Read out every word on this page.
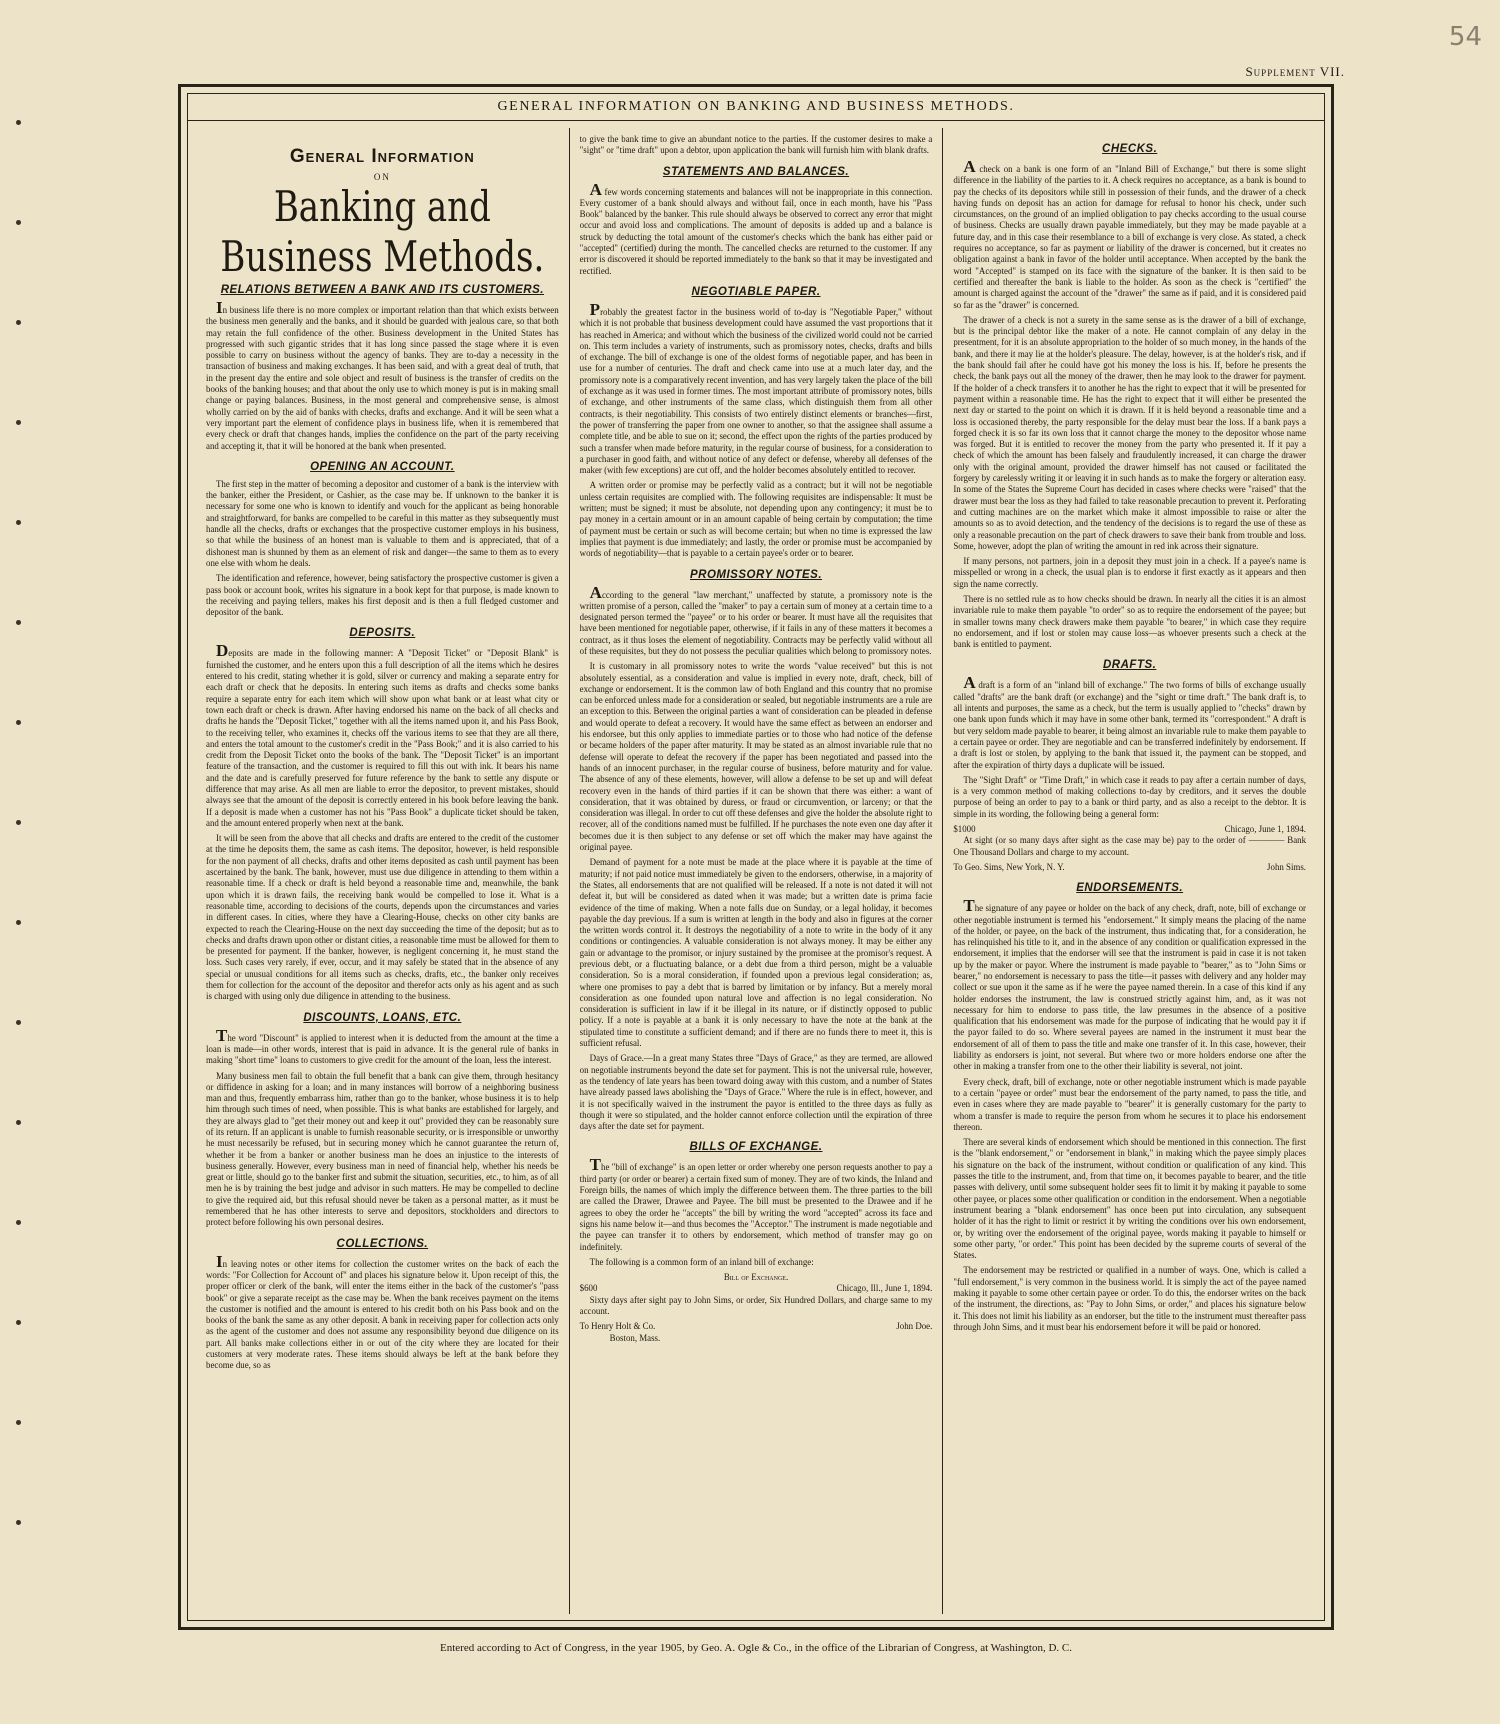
54
Supplement VII.
GENERAL INFORMATION ON BANKING AND BUSINESS METHODS.
General Information
ON
Banking and Business Methods.
RELATIONS BETWEEN A BANK AND ITS CUSTOMERS.

In business life there is no more complex or important relation than that which exists between the business men generally and the banks, and it should be guarded with jealous care, so that both may retain the full confidence of the other. Business development in the United States has progressed with such gigantic strides that it has long since passed the stage where it is even possible to carry on business without the agency of banks. They are to-day a necessity in the transaction of business and making exchanges. It has been said, and with a great deal of truth, that in the present day the entire and sole object and result of business is the transfer of credits on the books of the banking houses; and that about the only use to which money is put is in making small change or paying balances. Business, in the most general and comprehensive sense, is almost wholly carried on by the aid of banks with checks, drafts and exchange. And it will be seen what a very important part the element of confidence plays in business life, when it is remembered that every check or draft that changes hands, implies the confidence on the part of the party receiving and accepting it, that it will be honored at the bank when presented.

OPENING AN ACCOUNT.

The first step in the matter of becoming a depositor and customer of a bank is the interview with the banker, either the President, or Cashier, as the case may be. If unknown to the banker it is necessary for some one who is known to identify and vouch for the applicant as being honorable and straightforward, for banks are compelled to be careful in this matter as they subsequently must handle all the checks, drafts or exchanges that the prospective customer employs in his business, so that while the business of an honest man is valuable to them and is appreciated, that of a dishonest man is shunned by them as an element of risk and danger—the same to them as to every one else with whom he deals.

The identification and reference, however, being satisfactory the prospective customer is given a pass book or account book, writes his signature in a book kept for that purpose, is made known to the receiving and paying tellers, makes his first deposit and is then a full fledged customer and depositor of the bank.

DEPOSITS.

Deposits are made in the following manner: A "Deposit Ticket" or "Deposit Blank" is furnished the customer, and he enters upon this a full description of all the items which he desires entered to his credit, stating whether it is gold, silver or currency and making a separate entry for each draft or check that he deposits. In entering such items as drafts and checks some banks require a separate entry for each item which will show upon what bank or at least what city or town each draft or check is drawn. After having endorsed his name on the back of all checks and drafts he hands the "Deposit Ticket," together with all the items named upon it, and his Pass Book, to the receiving teller, who examines it, checks off the various items to see that they are all there, and enters the total amount to the customer's credit in the "Pass Book;" and it is also carried to his credit from the Deposit Ticket onto the books of the bank. The "Deposit Ticket" is an important feature of the transaction, and the customer is required to fill this out with ink. It bears his name and the date and is carefully preserved for future reference by the bank to settle any dispute or difference that may arise. As all men are liable to error the depositor, to prevent mistakes, should always see that the amount of the deposit is correctly entered in his book before leaving the bank. If a deposit is made when a customer has not his "Pass Book" a duplicate ticket should be taken, and the amount entered properly when next at the bank.

It will be seen from the above that all checks and drafts are entered to the credit of the customer at the time he deposits them, the same as cash items. The depositor, however, is held responsible for the non payment of all checks, drafts and other items deposited as cash until payment has been ascertained by the bank. The bank, however, must use due diligence in attending to them within a reasonable time. If a check or draft is held beyond a reasonable time and, meanwhile, the bank upon which it is drawn fails, the receiving bank would be compelled to lose it. What is a reasonable time, according to decisions of the courts, depends upon the circumstances and varies in different cases. In cities, where they have a Clearing-House, checks on other city banks are expected to reach the Clearing-House on the next day succeeding the time of the deposit; but as to checks and drafts drawn upon other or distant cities, a reasonable time must be allowed for them to be presented for payment. If the banker, however, is negligent concerning it, he must stand the loss. Such cases very rarely, if ever, occur, and it may safely be stated that in the absence of any special or unusual conditions for all items such as checks, drafts, etc., the banker only receives them for collection for the account of the depositor and therefor acts only as his agent and as such is charged with using only due diligence in attending to the business.

DISCOUNTS, LOANS, ETC.

The word "Discount" is applied to interest when it is deducted from the amount at the time a loan is made—in other words, interest that is paid in advance. It is the general rule of banks in making "short time" loans to customers to give credit for the amount of the loan, less the interest.

Many business men fail to obtain the full benefit that a bank can give them, through hesitancy or diffidence in asking for a loan; and in many instances will borrow of a neighboring business man and thus, frequently embarrass him, rather than go to the banker, whose business it is to help him through such times of need, when possible. This is what banks are established for largely, and they are always glad to "get their money out and keep it out" provided they can be reasonably sure of its return. If an applicant is unable to furnish reasonable security, or is irresponsible or unworthy he must necessarily be refused, but in securing money which he cannot guarantee the return of, whether it be from a banker or another business man he does an injustice to the interests of business generally. However, every business man in need of financial help, whether his needs be great or little, should go to the banker first and submit the situation, securities, etc., to him, as of all men he is by training the best judge and advisor in such matters. He may be compelled to decline to give the required aid, but this refusal should never be taken as a personal matter, as it must be remembered that he has other interests to serve and depositors, stockholders and directors to protect before following his own personal desires.

COLLECTIONS.

In leaving notes or other items for collection the customer writes on the back of each the words: "For Collection for Account of" and places his signature below it. Upon receipt of this, the proper officer or clerk of the bank, will enter the items either in the back of the customer's "pass book" or give a separate receipt as the case may be. When the bank receives payment on the items the customer is notified and the amount is entered to his credit both on his Pass book and on the books of the bank the same as any other deposit. A bank in receiving paper for collection acts only as the agent of the customer and does not assume any responsibility beyond due diligence on its part. All banks make collections either in or out of the city where they are located for their customers at very moderate rates. These items should always be left at the bank before they become due, so as

to give the bank time to give an abundant notice to the parties. If the customer desires to make a "sight" or "time draft" upon a debtor, upon application the bank will furnish him with blank drafts.

STATEMENTS AND BALANCES.

A few words concerning statements and balances will not be inappropriate in this connection. Every customer of a bank should always and without fail, once in each month, have his "Pass Book" balanced by the banker. This rule should always be observed to correct any error that might occur and avoid loss and complications. The amount of deposits is added up and a balance is struck by deducting the total amount of the customer's checks which the bank has either paid or "accepted" (certified) during the month. The cancelled checks are returned to the customer. If any error is discovered it should be reported immediately to the bank so that it may be investigated and rectified.

NEGOTIABLE PAPER.

Probably the greatest factor in the business world of to-day is "Negotiable Paper," without which it is not probable that business development could have assumed the vast proportions that it has reached in America; and without which the business of the civilized world could not be carried on. This term includes a variety of instruments, such as promissory notes, checks, drafts and bills of exchange. The bill of exchange is one of the oldest forms of negotiable paper, and has been in use for a number of centuries. The draft and check came into use at a much later day, and the promissory note is a comparatively recent invention, and has very largely taken the place of the bill of exchange as it was used in former times. The most important attribute of promissory notes, bills of exchange, and other instruments of the same class, which distinguish them from all other contracts, is their negotiability. This consists of two entirely distinct elements or branches—first, the power of transferring the paper from one owner to another, so that the assignee shall assume a complete title, and be able to sue on it; second, the effect upon the rights of the parties produced by such a transfer when made before maturity, in the regular course of business, for a consideration to a purchaser in good faith, and without notice of any defect or defense, whereby all defenses of the maker (with few exceptions) are cut off, and the holder becomes absolutely entitled to recover.

A written order or promise may be perfectly valid as a contract; but it will not be negotiable unless certain requisites are complied with. The following requisites are indispensable: It must be written; must be signed; it must be absolute, not depending upon any contingency; it must be to pay money in a certain amount or in an amount capable of being certain by computation; the time of payment must be certain or such as will become certain; but when no time is expressed the law implies that payment is due immediately; and lastly, the order or promise must be accompanied by words of negotiability—that is payable to a certain payee's order or to bearer.

PROMISSORY NOTES.

According to the general "law merchant," unaffected by statute, a promissory note is the written promise of a person, called the "maker" to pay a certain sum of money at a certain time to a designated person termed the "payee" or to his order or bearer. It must have all the requisites that have been mentioned for negotiable paper, otherwise, if it fails in any of these matters it becomes a contract, as it thus loses the element of negotiability. Contracts may be perfectly valid without all of these requisites, but they do not possess the peculiar qualities which belong to promissory notes.

It is customary in all promissory notes to write the words "value received" but this is not absolutely essential, as a consideration and value is implied in every note, draft, check, bill of exchange or endorsement. It is the common law of both England and this country that no promise can be enforced unless made for a consideration or sealed, but negotiable instruments are a rule are an exception to this. Between the original parties a want of consideration can be pleaded in defense and would operate to defeat a recovery. It would have the same effect as between an endorser and his endorsee, but this only applies to immediate parties or to those who had notice of the defense or became holders of the paper after maturity. It may be stated as an almost invariable rule that no defense will operate to defeat the recovery if the paper has been negotiated and passed into the hands of an innocent purchaser, in the regular course of business, before maturity and for value. The absence of any of these elements, however, will allow a defense to be set up and will defeat recovery even in the hands of third parties if it can be shown that there was either: a want of consideration, that it was obtained by duress, or fraud or circumvention, or larceny; or that the consideration was illegal. In order to cut off these defenses and give the holder the absolute right to recover, all of the conditions named must be fulfilled. If he purchases the note even one day after it becomes due it is then subject to any defense or set off which the maker may have against the original payee.

Demand of payment for a note must be made at the place where it is payable at the time of maturity; if not paid notice must immediately be given to the endorsers, otherwise, in a majority of the States, all endorsements that are not qualified will be released. If a note is not dated it will not defeat it, but will be considered as dated when it was made; but a written date is prima facie evidence of the time of making. When a note falls due on Sunday, or a legal holiday, it becomes payable the day previous. If a sum is written at length in the body and also in figures at the corner the written words control it. It destroys the negotiability of a note to write in the body of it any conditions or contingencies. A valuable consideration is not always money. It may be either any gain or advantage to the promisor, or injury sustained by the promisee at the promisor's request. A previous debt, or a fluctuating balance, or a debt due from a third person, might be a valuable consideration. So is a moral consideration, if founded upon a previous legal consideration; as, where one promises to pay a debt that is barred by limitation or by infancy. But a merely moral consideration as one founded upon natural love and affection is no legal consideration. No consideration is sufficient in law if it be illegal in its nature, or if distinctly opposed to public policy. If a note is payable at a bank it is only necessary to have the note at the bank at the stipulated time to constitute a sufficient demand; and if there are no funds there to meet it, this is sufficient refusal.

Days of Grace.—In a great many States three "Days of Grace," as they are termed, are allowed on negotiable instruments beyond the date set for payment. This is not the universal rule, however, as the tendency of late years has been toward doing away with this custom, and a number of States have already passed laws abolishing the "Days of Grace." Where the rule is in effect, however, and it is not specifically waived in the instrument the payor is entitled to the three days as fully as though it were so stipulated, and the holder cannot enforce collection until the expiration of three days after the date set for payment.

BILLS OF EXCHANGE.

The "bill of exchange" is an open letter or order whereby one person requests another to pay a third party (or order or bearer) a certain fixed sum of money. They are of two kinds, the Inland and Foreign bills, the names of which imply the difference between them. The three parties to the bill are called the Drawer, Drawee and Payee. The bill must be presented to the Drawee and if he agrees to obey the order he "accepts" the bill by writing the word "accepted" across its face and signs his name below it—and thus becomes the "Acceptor." The instrument is made negotiable and the payee can transfer it to others by endorsement, which method of transfer may go on indefinitely.

The following is a common form of an inland bill of exchange:

Bill of Exchange.
$600	Chicago, Ill., June 1, 1894.

Sixty days after sight pay to John Sims, or order, Six Hundred Dollars, and charge same to my account.

To Henry Holt & Co.	John Doe.
Boston, Mass.
CHECKS.

A check on a bank is one form of an "Inland Bill of Exchange," but there is some slight difference in the liability of the parties to it. A check requires no acceptance, as a bank is bound to pay the checks of its depositors while still in possession of their funds, and the drawer of a check having funds on deposit has an action for damage for refusal to honor his check, under such circumstances, on the ground of an implied obligation to pay checks according to the usual course of business. Checks are usually drawn payable immediately, but they may be made payable at a future day, and in this case their resemblance to a bill of exchange is very close. As stated, a check requires no acceptance, so far as payment or liability of the drawer is concerned, but it creates no obligation against a bank in favor of the holder until acceptance. When accepted by the bank the word "Accepted" is stamped on its face with the signature of the banker. It is then said to be certified and thereafter the bank is liable to the holder. As soon as the check is "certified" the amount is charged against the account of the "drawer" the same as if paid, and it is considered paid so far as the "drawer" is concerned.

The drawer of a check is not a surety in the same sense as is the drawer of a bill of exchange, but is the principal debtor like the maker of a note. He cannot complain of any delay in the presentment, for it is an absolute appropriation to the holder of so much money, in the hands of the bank, and there it may lie at the holder's pleasure. The delay, however, is at the holder's risk, and if the bank should fail after he could have got his money the loss is his. If, before he presents the check, the bank pays out all the money of the drawer, then he may look to the drawer for payment. If the holder of a check transfers it to another he has the right to expect that it will be presented for payment within a reasonable time. He has the right to expect that it will either be presented the next day or started to the point on which it is drawn. If it is held beyond a reasonable time and a loss is occasioned thereby, the party responsible for the delay must bear the loss. If a bank pays a forged check it is so far its own loss that it cannot charge the money to the depositor whose name was forged. But it is entitled to recover the money from the party who presented it. If it pay a check of which the amount has been falsely and fraudulently increased, it can charge the drawer only with the original amount, provided the drawer himself has not caused or facilitated the forgery by carelessly writing it or leaving it in such hands as to make the forgery or alteration easy. In some of the States the Supreme Court has decided in cases where checks were "raised" that the drawer must bear the loss as they had failed to take reasonable precaution to prevent it. Perforating and cutting machines are on the market which make it almost impossible to raise or alter the amounts so as to avoid detection, and the tendency of the decisions is to regard the use of these as only a reasonable precaution on the part of check drawers to save their bank from trouble and loss. Some, however, adopt the plan of writing the amount in red ink across their signature.

If many persons, not partners, join in a deposit they must join in a check. If a payee's name is misspelled or wrong in a check, the usual plan is to endorse it first exactly as it appears and then sign the name correctly.

There is no settled rule as to how checks should be drawn. In nearly all the cities it is an almost invariable rule to make them payable "to order" so as to require the endorsement of the payee; but in smaller towns many check drawers make them payable "to bearer," in which case they require no endorsement, and if lost or stolen may cause loss—as whoever presents such a check at the bank is entitled to payment.

DRAFTS.

A draft is a form of an "inland bill of exchange." The two forms of bills of exchange usually called "drafts" are the bank draft (or exchange) and the "sight or time draft." The bank draft is, to all intents and purposes, the same as a check, but the term is usually applied to "checks" drawn by one bank upon funds which it may have in some other bank, termed its "correspondent." A draft is but very seldom made payable to bearer, it being almost an invariable rule to make them payable to a certain payee or order. They are negotiable and can be transferred indefinitely by endorsement. If a draft is lost or stolen, by applying to the bank that issued it, the payment can be stopped, and after the expiration of thirty days a duplicate will be issued.

The "Sight Draft" or "Time Draft," in which case it reads to pay after a certain number of days, is a very common method of making collections to-day by creditors, and it serves the double purpose of being an order to pay to a bank or third party, and as also a receipt to the debtor. It is simple in its wording, the following being a general form:

$1000	Chicago, June 1, 1894.

At sight (or so many days after sight as the case may be) pay to the order of ———— Bank One Thousand Dollars and charge to my account.

To Geo. Sims, New York, N. Y.	John Sims.
ENDORSEMENTS.

The signature of any payee or holder on the back of any check, draft, note, bill of exchange or other negotiable instrument is termed his "endorsement." It simply means the placing of the name of the holder, or payee, on the back of the instrument, thus indicating that, for a consideration, he has relinquished his title to it, and in the absence of any condition or qualification expressed in the endorsement, it implies that the endorser will see that the instrument is paid in case it is not taken up by the maker or payor. Where the instrument is made payable to "bearer," as to "John Sims or bearer," no endorsement is necessary to pass the title—it passes with delivery and any holder may collect or sue upon it the same as if he were the payee named therein. In a case of this kind if any holder endorses the instrument, the law is construed strictly against him, and, as it was not necessary for him to endorse to pass title, the law presumes in the absence of a positive qualification that his endorsement was made for the purpose of indicating that he would pay it if the payor failed to do so. Where several payees are named in the instrument it must bear the endorsement of all of them to pass the title and make one transfer of it. In this case, however, their liability as endorsers is joint, not several. But where two or more holders endorse one after the other in making a transfer from one to the other their liability is several, not joint.

Every check, draft, bill of exchange, note or other negotiable instrument which is made payable to a certain "payee or order" must bear the endorsement of the party named, to pass the title, and even in cases where they are made payable to "bearer" it is generally customary for the party to whom a transfer is made to require the person from whom he secures it to place his endorsement thereon.

There are several kinds of endorsement which should be mentioned in this connection. The first is the "blank endorsement," or "endorsement in blank," in making which the payee simply places his signature on the back of the instrument, without condition or qualification of any kind. This passes the title to the instrument, and, from that time on, it becomes payable to bearer, and the title passes with delivery, until some subsequent holder sees fit to limit it by making it payable to some other payee, or places some other qualification or condition in the endorsement. When a negotiable instrument bearing a "blank endorsement" has once been put into circulation, any subsequent holder of it has the right to limit or restrict it by writing the conditions over his own endorsement, or, by writing over the endorsement of the original payee, words making it payable to himself or some other party, "or order." This point has been decided by the supreme courts of several of the States.

The endorsement may be restricted or qualified in a number of ways. One, which is called a "full endorsement," is very common in the business world. It is simply the act of the payee named making it payable to some other certain payee or order. To do this, the endorser writes on the back of the instrument, the directions, as: "Pay to John Sims, or order," and places his signature below it. This does not limit his liability as an endorser, but the title to the instrument must thereafter pass through John Sims, and it must bear his endorsement before it will be paid or honored.

Entered according to Act of Congress, in the year 1905, by Geo. A. Ogle & Co., in the office of the Librarian of Congress, at Washington, D. C.
